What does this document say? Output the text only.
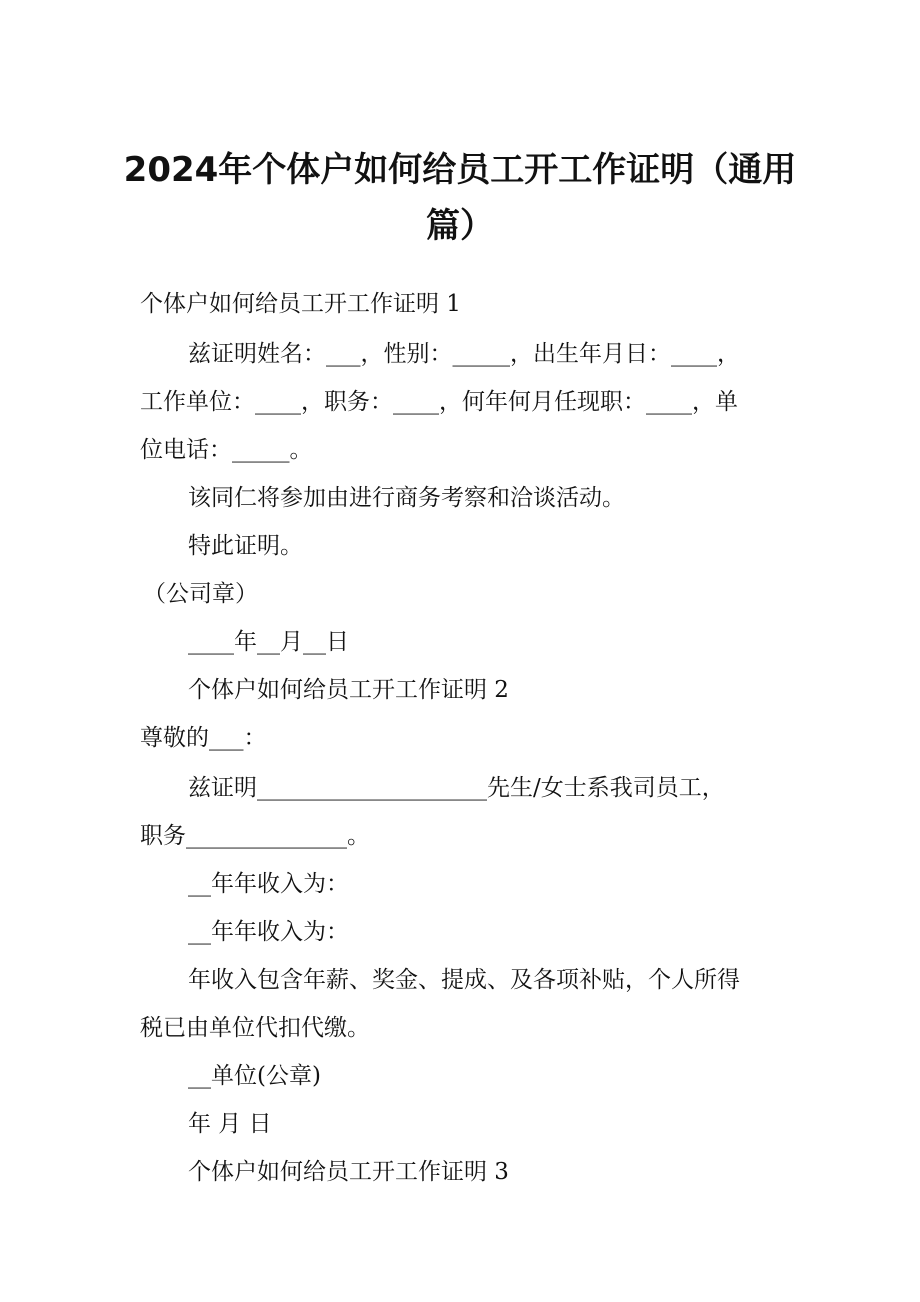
2024年个体户如何给员工开工作证明（通用
篇）

个体户如何给员工开工作证明 1

兹证明姓名：___，性别：_____，出生年月日：____，

工作单位：____，职务：____，何年何月任现职：____，单

位电话：_____。

该同仁将参加由进行商务考察和洽谈活动。

特此证明。

（公司章）

____年__月__日

个体户如何给员工开工作证明 2

尊敬的___：

兹证明____________________先生/女士系我司员工，

职务______________。

__年年收入为：

__年年收入为：

年收入包含年薪、奖金、提成、及各项补贴，个人所得

税已由单位代扣代缴。

__单位(公章)

年 月 日

个体户如何给员工开工作证明 3
